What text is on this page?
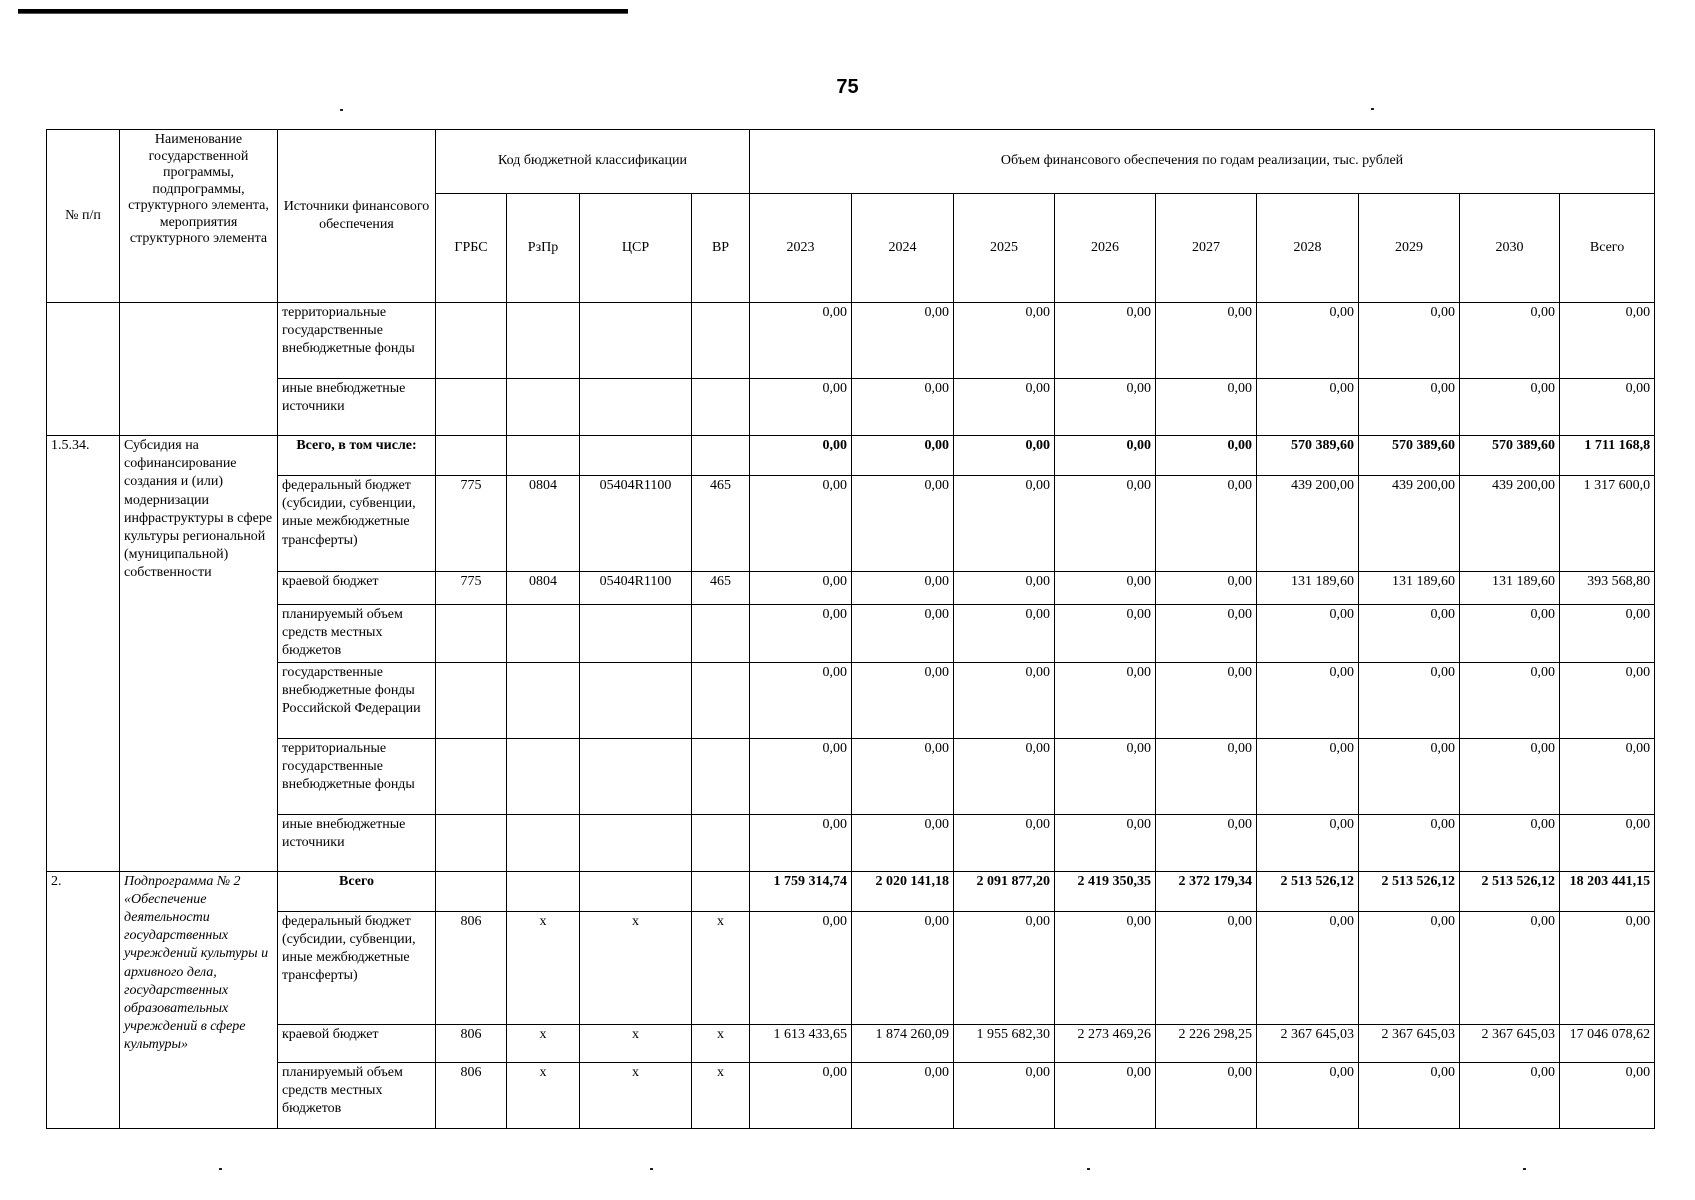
75
№ п/п	Наименование государственной программы, подпрограммы, структурного элемента, мероприятия структурного элемента	Источники финансового обеспечения	Код бюджетной классификации				Объем финансового обеспечения по годам реализации, тыс. рублей								
			ГРБС	РзПр	ЦСР	ВР	2023	2024	2025	2026	2027	2028	2029	2030	Всего
		территориальные государственные внебюджетные фонды					0,00	0,00	0,00	0,00	0,00	0,00	0,00	0,00	0,00
		иные внебюджетные источники					0,00	0,00	0,00	0,00	0,00	0,00	0,00	0,00	0,00
1.5.34.	Субсидия на софинансирование создания и (или) модернизации инфраструктуры в сфере культуры региональной (муниципальной) собственности	Всего, в том числе:					0,00	0,00	0,00	0,00	0,00	570 389,60	570 389,60	570 389,60	1 711 168,8
		федеральный бюджет (субсидии, субвенции, иные межбюджетные трансферты)	775	0804	05404R1100	465	0,00	0,00	0,00	0,00	0,00	439 200,00	439 200,00	439 200,00	1 317 600,0
		краевой бюджет	775	0804	05404R1100	465	0,00	0,00	0,00	0,00	0,00	131 189,60	131 189,60	131 189,60	393 568,80
		планируемый объем средств местных бюджетов					0,00	0,00	0,00	0,00	0,00	0,00	0,00	0,00	0,00
		государственные внебюджетные фонды Российской Федерации					0,00	0,00	0,00	0,00	0,00	0,00	0,00	0,00	0,00
		территориальные государственные внебюджетные фонды					0,00	0,00	0,00	0,00	0,00	0,00	0,00	0,00	0,00
		иные внебюджетные источники					0,00	0,00	0,00	0,00	0,00	0,00	0,00	0,00	0,00
2.	Подпрограмма № 2 «Обеспечение деятельности государственных учреждений культуры и архивного дела, государственных образовательных учреждений в сфере культуры»	Всего					1 759 314,74	2 020 141,18	2 091 877,20	2 419 350,35	2 372 179,34	2 513 526,12	2 513 526,12	2 513 526,12	18 203 441,15
		федеральный бюджет (субсидии, субвенции, иные межбюджетные трансферты)	806	х	х	х	0,00	0,00	0,00	0,00	0,00	0,00	0,00	0,00	0,00
		краевой бюджет	806	х	х	х	1 613 433,65	1 874 260,09	1 955 682,30	2 273 469,26	2 226 298,25	2 367 645,03	2 367 645,03	2 367 645,03	17 046 078,62
		планируемый объем средств местных бюджетов	806	х	х	х	0,00	0,00	0,00	0,00	0,00	0,00	0,00	0,00	0,00
